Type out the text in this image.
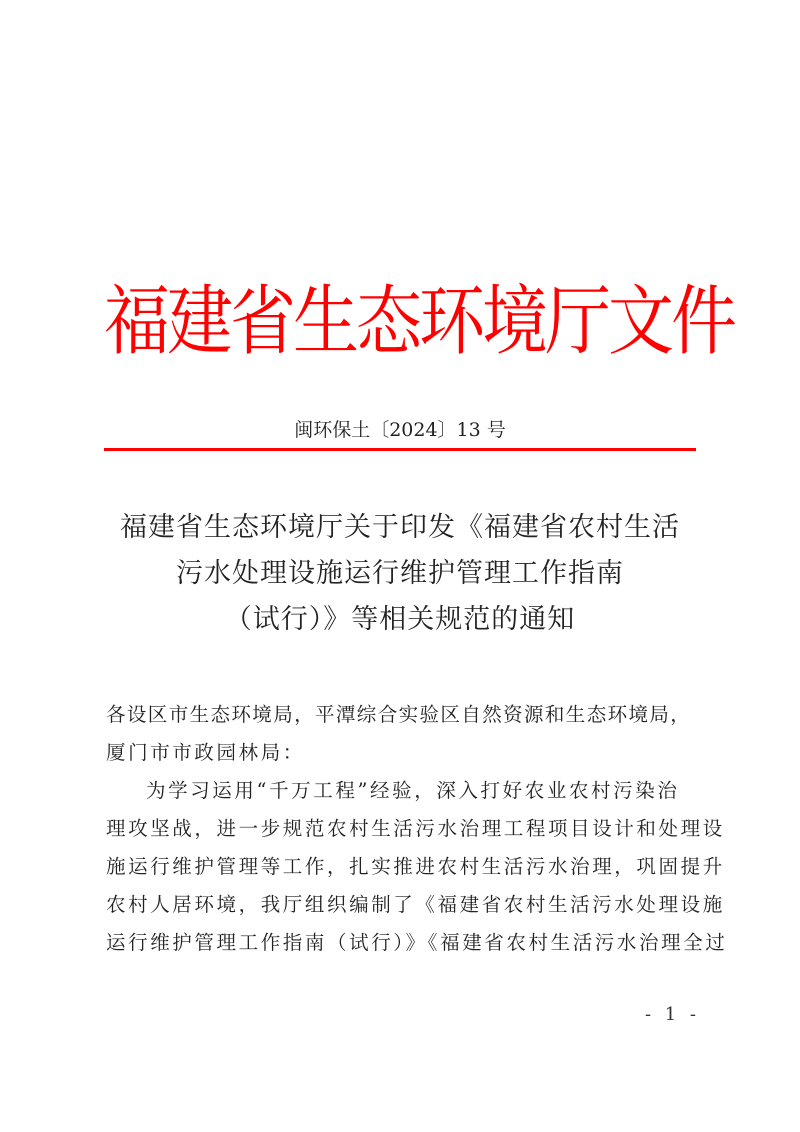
福建省生态环境厅文件
闽环保土〔2024〕13 号
福建省生态环境厅关于印发《福建省农村生活
污水处理设施运行维护管理工作指南
（试行）》等相关规范的通知
各设区市生态环境局，平潭综合实验区自然资源和生态环境局，
厦门市市政园林局：
为学习运用“千万工程”经验，深入打好农业农村污染治
理攻坚战，进一步规范农村生活污水治理工程项目设计和处理设
施运行维护管理等工作，扎实推进农村生活污水治理，巩固提升
农村人居环境，我厅组织编制了《福建省农村生活污水处理设施
运行维护管理工作指南（试行）》《福建省农村生活污水治理全过
- 1 -
